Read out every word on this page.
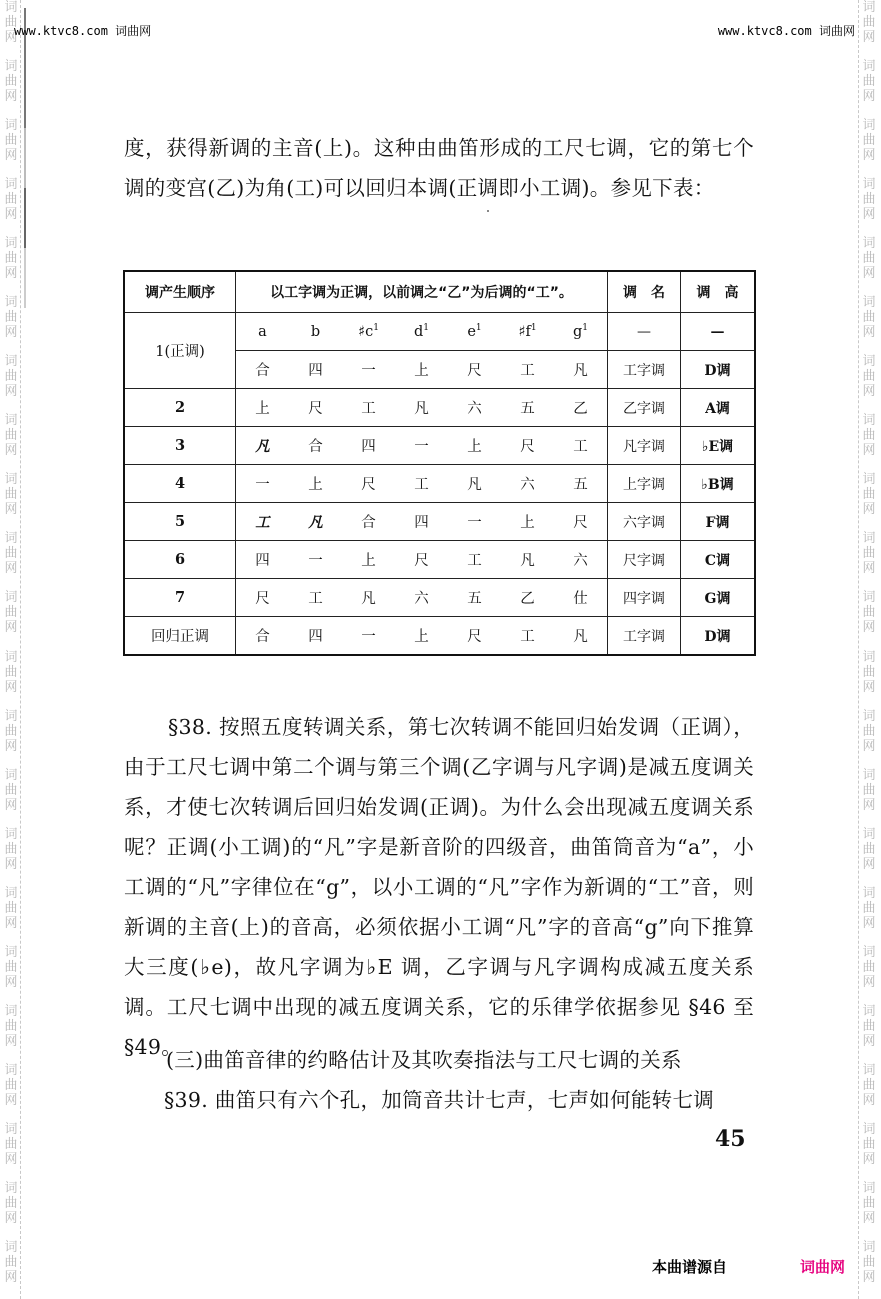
词
曲
网
词
曲
网
词
曲
网
词
曲
网
词
曲
网
词
曲
网
词
曲
网
词
曲
网
词
曲
网
词
曲
网
词
曲
网
词
曲
网
词
曲
网
词
曲
网
词
曲
网
词
曲
网
词
曲
网
词
曲
网
词
曲
网
词
曲
网
词
曲
网
词
曲
网
词
曲
网
词
曲
网
词
曲
网
词
曲
网
词
曲
网
词
曲
网
词
曲
网
词
曲
网
词
曲
网
词
曲
网
词
曲
网
词
曲
网
词
曲
网
词
曲
网
词
曲
网
词
曲
网
词
曲
网
词
曲
网
词
曲
网
词
曲
网
词
曲
网
词
曲
网
www.ktvc8.com 词曲网	www.ktvc8.com 词曲网
度，获得新调的主音(上)。这种由曲笛形成的工尺七调，它的第七个调的变宫(乙)为角(工)可以回归本调(正调即小工调)。参见下表：
调产生顺序	以工字调为正调，以前调之“乙”为后调的“工”。							调　名	调　高
1(正调)	a	b	$♯c^1$	$d^1$	$e^1$	$♯f^1$	$g^1$	—	—
	合	四	一	上	尺	工	凡	工字调	D调
2	上	尺	工	凡	六	五	乙	乙字调	A调
3	凡	合	四	一	上	尺	工	凡字调	♭E调
4	一	上	尺	工	凡	六	五	上字调	♭B调
5	工	凡	合	四	一	上	尺	六字调	F调
6	四	一	上	尺	工	凡	六	尺字调	C调
7	尺	工	凡	六	五	乙	仕	四字调	G调
回归正调	合	四	一	上	尺	工	凡	工字调	D调
§38. 按照五度转调关系，第七次转调不能回归始发调（正调），由于工尺七调中第二个调与第三个调(乙字调与凡字调)是减五度调关系，才使七次转调后回归始发调(正调)。为什么会出现减五度调关系呢？正调(小工调)的“凡”字是新音阶的四级音，曲笛筒音为“a”，小工调的“凡”字律位在“g”，以小工调的“凡”字作为新调的“工”音，则新调的主音(上)的音高，必须依据小工调“凡”字的音高“g”向下推算大三度(♭e)，故凡字调为♭E 调，乙字调与凡字调构成减五度关系调。工尺七调中出现的减五度调关系，它的乐律学依据参见 §46 至 §49。
(三)曲笛音律的约略估计及其吹奏指法与工尺七调的关系
§39. 曲笛只有六个孔，加筒音共计七声，七声如何能转七调
45
本曲谱源自	词曲网
